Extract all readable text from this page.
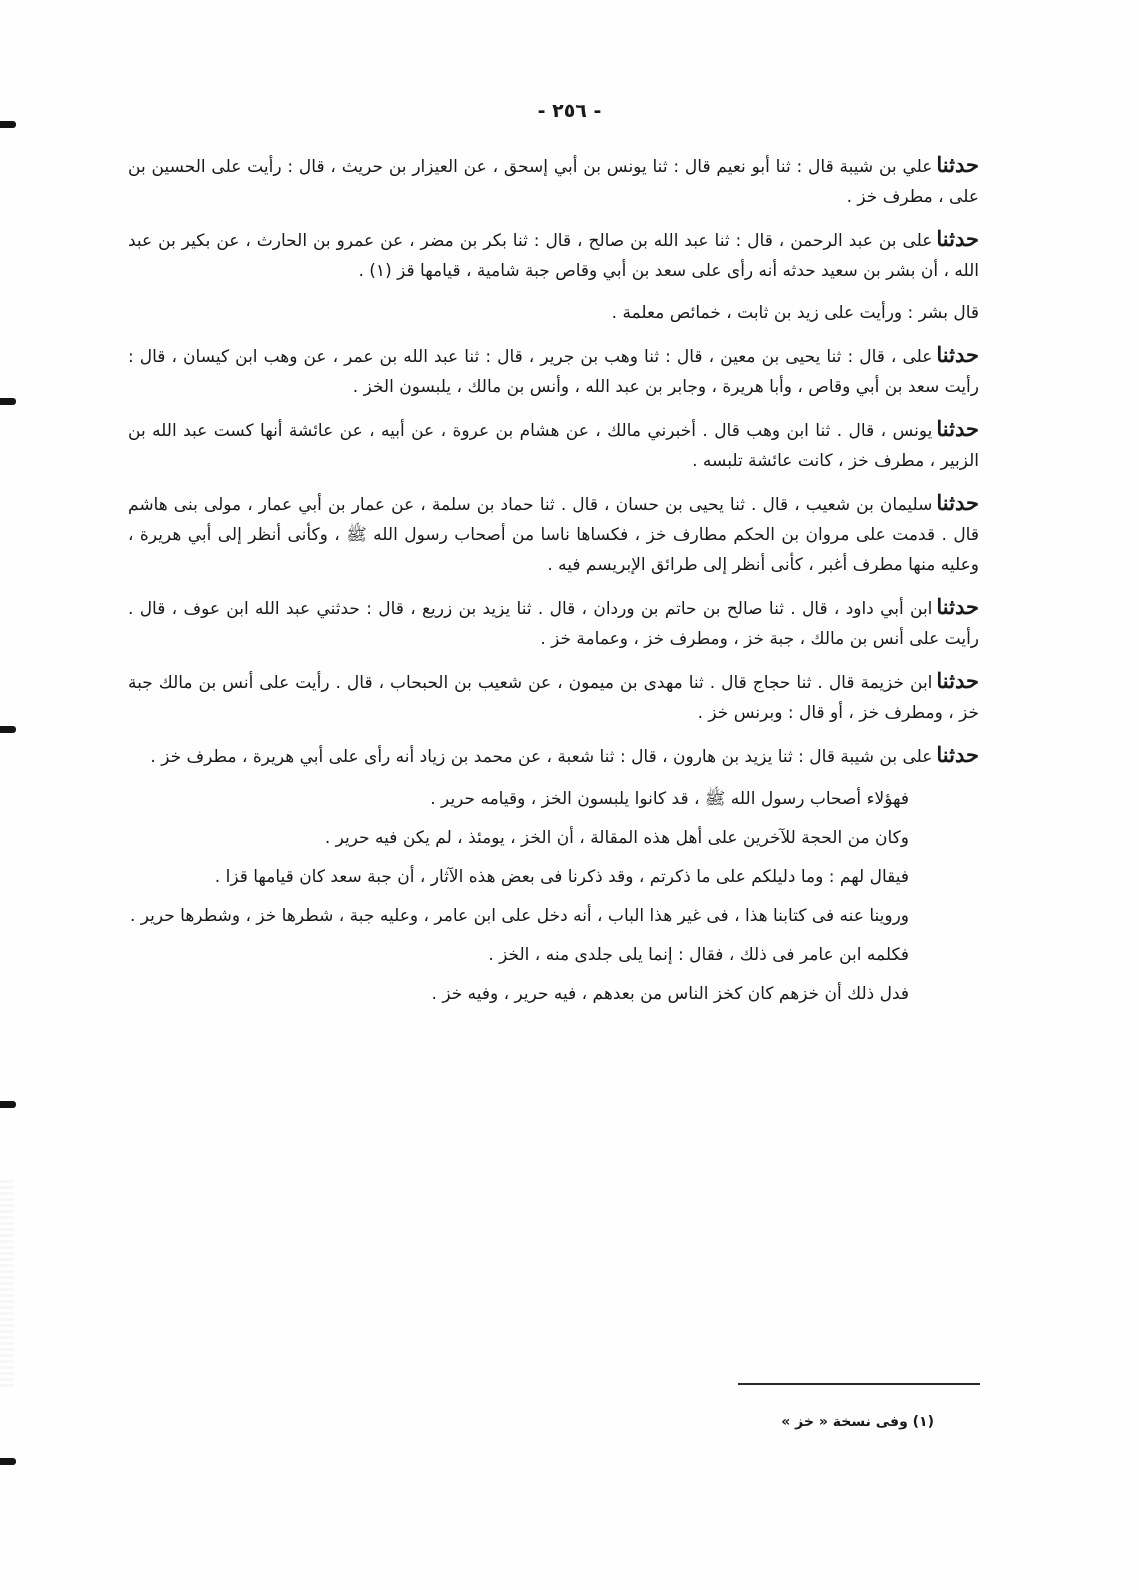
- ٢٥٦ -

حدثناعلي بن شيبة قال : ثنا أبو نعيم قال : ثنا يونس بن أبي إسحق ، عن العيزار بن حريث ، قال : رأيت على الحسين بن على ، مطرف خز .

حدثناعلى بن عبد الرحمن ، قال : ثنا عبد الله بن صالح ، قال : ثنا بكر بن مضر ، عن عمرو بن الحارث ، عن بكير بن عبد الله ، أن بشر بن سعيد حدثه أنه رأى على سعد بن أبي وقاص جبة شامية ، قيامها قز (١) .

قال بشر : ورأيت على زيد بن ثابت ، خمائص معلمة .

حدثناعلى ، قال : ثنا يحيى بن معين ، قال : ثنا وهب بن جرير ، قال : ثنا عبد الله بن عمر ، عن وهب ابن كيسان ، قال : رأيت سعد بن أبي وقاص ، وأبا هريرة ، وجابر بن عبد الله ، وأنس بن مالك ، يلبسون الخز .

حدثنايونس ، قال . ثنا ابن وهب قال . أخبرني مالك ، عن هشام بن عروة ، عن أبيه ، عن عائشة أنها كست عبد الله بن الزبير ، مطرف خز ، كانت عائشة تلبسه .

حدثناسليمان بن شعيب ، قال . ثنا يحيى بن حسان ، قال . ثنا حماد بن سلمة ، عن عمار بن أبي عمار ، مولى بنى هاشم قال . قدمت على مروان بن الحكم مطارف خز ، فكساها ناسا من أصحاب رسول الله ﷺ ، وكأنى أنظر إلى أبي هريرة ، وعليه منها مطرف أغبر ، كأنى أنظر إلى طرائق الإبريسم فيه .

حدثناابن أبي داود ، قال . ثنا صالح بن حاتم بن وردان ، قال . ثنا يزيد بن زريع ، قال : حدثني عبد الله ابن عوف ، قال . رأيت على أنس بن مالك ، جبة خز ، ومطرف خز ، وعمامة خز .

حدثناابن خزيمة قال . ثنا حجاج قال . ثنا مهدى بن ميمون ، عن شعيب بن الحبحاب ، قال . رأيت على أنس بن مالك جبة خز ، ومطرف خز ، أو قال : وبرنس خز .

حدثناعلى بن شيبة قال : ثنا يزيد بن هارون ، قال : ثنا شعبة ، عن محمد بن زياد أنه رأى على أبي هريرة ، مطرف خز .

فهؤلاء أصحاب رسول الله ﷺ ، قد كانوا يلبسون الخز ، وقيامه حرير .

وكان من الحجة للآخرين على أهل هذه المقالة ، أن الخز ، يومئذ ، لم يكن فيه حرير .

فيقال لهم : وما دليلكم على ما ذكرتم ، وقد ذكرنا فى بعض هذه الآثار ، أن جبة سعد كان قيامها قزا .

وروينا عنه فى كتابنا هذا ، فى غير هذا الباب ، أنه دخل على ابن عامر ، وعليه جبة ، شطرها خز ، وشطرها حرير .

فكلمه ابن عامر فى ذلك ، فقال : إنما يلى جلدى منه ، الخز .

فدل ذلك أن خزهم كان كخز الناس من بعدهم ، فيه حرير ، وفيه خز .

(١) وفى نسخة « خز »
